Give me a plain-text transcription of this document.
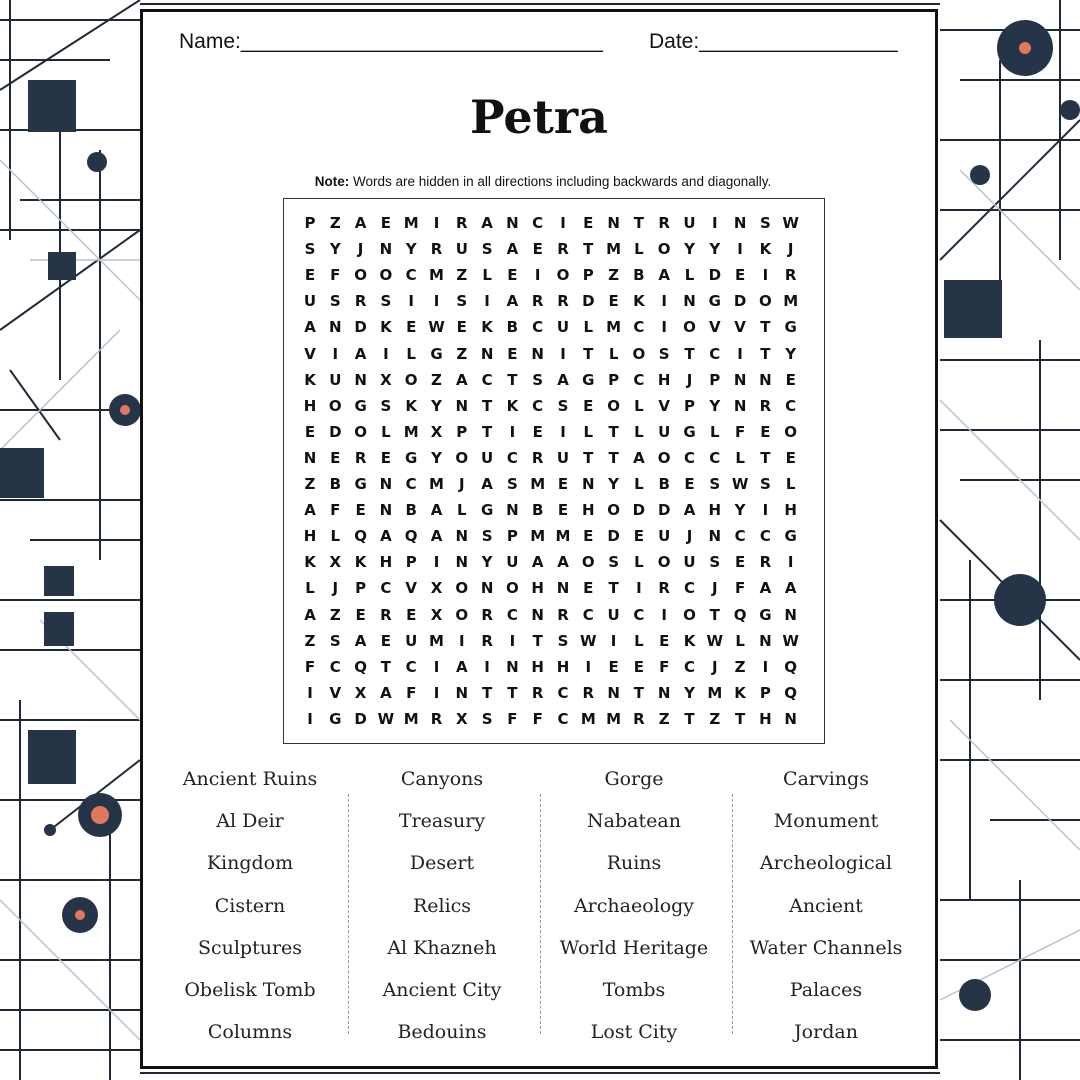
Name:_______________________________ Date:_________________
Petra
Note: Words are hidden in all directions including backwards and diagonally.
P Z A E M	I	R A N C	I	E N T R U	I	N S W
S Y	J	N Y R U S A E R T M L O Y Y	I	K	J
E	F O O C M Z	L	E	I	O P Z B A L D E	I	R
U S R S	I	I	S	I	A R R D E K	I	N G D O M
A N D K E W E K B C U L M C	I	O V V T G
V	I	A	I	L G Z N E N	I	T	L O S T C	I	T Y
K U N X O Z A C T S A G P C H	J	P N N E
H O G S K Y N T K C S E O L V P Y N R C
E D O L M X P T	I	E	I	L	T	L U G L	F	E O
N E R E G Y O U C R U T	T A O C C	L	T	E
Z B G N C M	J	A S M E N Y	L B E S W S	L
A F	E N B A L G N B E H O D D A H Y	I	H
H L Q A Q A N S P M M E D E U	J	N C C G
K X K H P	I	N Y U A A O S	L O U S E R	I
L	J	P C V X O N O H N E	T	I	R C	J	F A A
A Z E R E X O R C N R C U C	I	O T Q G N
Z S A E U M	I	R	I	T S W I	L	E K W L N W
F C Q T C	I	A	I	N H H	I	E	E	F C	J	Z	I	Q
I	V X A F	I	N T	T R C R N T N Y M K P Q
I	G D W M R X S F	F C M M R Z T Z T H N
Ancient Ruins
Al Deir
Kingdom
Cistern
Sculptures
Obelisk Tomb
Columns
Canyons
Treasury
Desert
Relics
Al Khazneh
Ancient City
Bedouins
Gorge
Nabatean
Ruins
Archaeology
World Heritage
Tombs
Lost City
Carvings
Monument
Archeological
Ancient
Water Channels
Palaces
Jordan
